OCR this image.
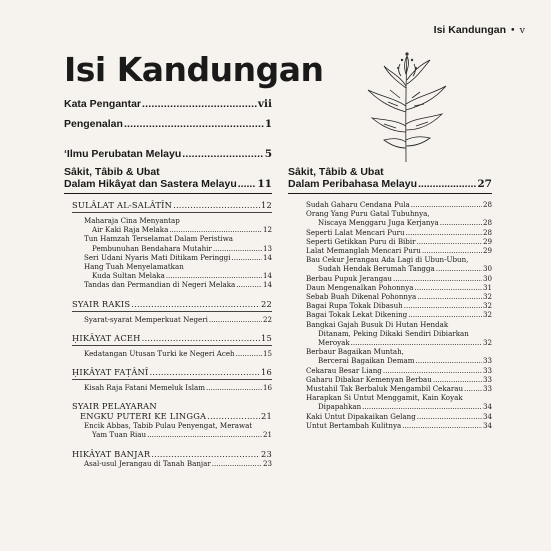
Isi Kandungan • v
Isi Kandungan
Kata Pengantar .....	vii
Pengenalan .....	1
‘Ilmu Perubatan Melayu .....	5
Sâkit, Tâbib & Ubat
Dalam Hikâyat dan Sastera Melayu ..... 11
SULÂLAT AL-SALÂTÎN .....	12
Maharaja Cina Menyantap
Air Kaki Raja Melaka .....	12
Tun Hamzah Terselamat Dalam Peristiwa
Pembunuhan Bendahara Mutahir .....	13
Seri Udani Nyaris Mati Ditikam Peringgi .....	14
Hang Tuah Menyelamatkan
Kuda Sultan Melaka .....	14
Tandas dan Permandian di Negeri Melaka .....	14
SYAIR RAKIS .....	22
Syarat-syarat Memperkuat Negeri .....	22
ḤIKÂYAT ACEH .....	15
Kedatangan Utusan Turki ke Negeri Aceh .....	15
ḤIKÂYAT FAṬÂNÎ .....	16
Kisah Raja Fatani Memeluk Islam .....	16
SYAIR PELAYARAN
ENGKU PUTERI KE LINGGA .....	21
Encik Abbas, Tabib Pulau Penyengat, Merawat
Yam Tuan Riau .....	21
HIKÂYAT BANJAR .....	23
Asal-usul Jerangau di Tanah Banjar .....	23
Sâkit, Tâbib & Ubat
Dalam Peribahasa Melayu .....	27
Sudah Gaharu Cendana Pula .....	28
Orang Yang Puru Gatal Tubuhnya,
Niscaya Menggaru Juga Kerjanya .....	28
Seperti Lalat Mencari Puru .....	28
Seperti Getikkan Puru di Bibir .....	29
Lalat Memanglah Mencari Puru .....	29
Bau Cekur Jerangau Ada Lagi di Ubun-Ubun,
Sudah Hendak Berumah Tangga .....	30
Berbau Pupuk Jerangau .....	30
Daun Mengenalkan Pohonnya .....	31
Sebab Buah Dikenal Pohonnya .....	32
Bagai Rupa Tokak Dibasuh .....	32
Bagai Tokak Lekat Dikening .....	32
Bangkai Gajah Busuk Di Hutan Hendak
Ditanam, Peking Dikaki Sendiri Dibiarkan
Meroyak .....	32
Berbaur Bagaikan Muntah,
Bercerai Bagaikan Demam .....	33
Cekarau Besar Liang .....	33
Gaharu Dibakar Kemenyan Berbau .....	33
Mustahil Tak Berbaluk Mengambil Cekarau .....	33
Harapkan Si Untut Menggamit, Kain Koyak
Dipapahkan .....	34
Kaki Untut Dipakaikan Gelang .....	34
Untut Bertambah Kulitnya .....	34
